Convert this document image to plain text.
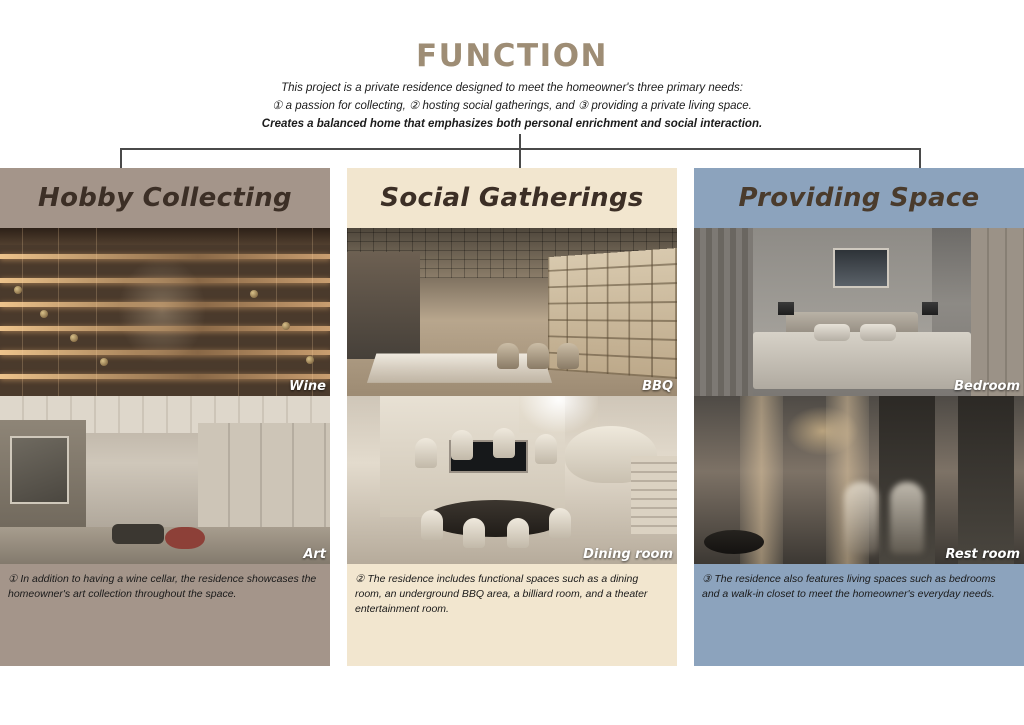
FUNCTION
This project is a private residence designed to meet the homeowner's three primary needs:
① a passion for collecting, ② hosting social gatherings, and ③ providing a private living space.
Creates a balanced home that emphasizes both personal enrichment and social interaction.
Hobby Collecting
Wine
Art
① In addition to having a wine cellar, the residence showcases the homeowner's art collection throughout the space.
Social Gatherings
BBQ
Dining room
② The residence includes functional spaces such as a dining room, an underground BBQ area, a billiard room, and a theater entertainment room.
Providing Space
Bedroom
Rest room
③ The residence also features living spaces such as bedrooms and a walk-in closet to meet the homeowner's everyday needs.
